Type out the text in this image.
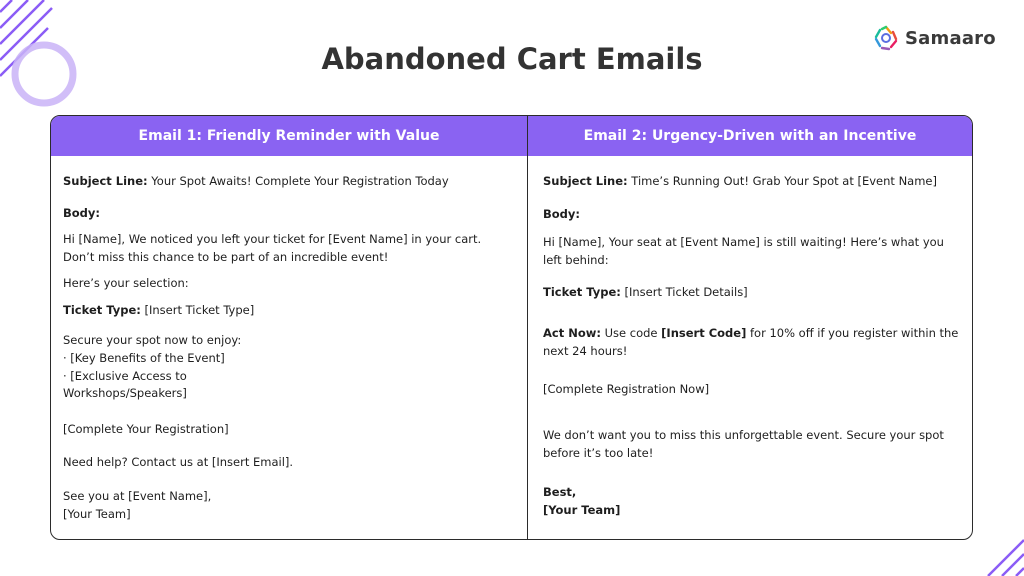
Samaaro
Abandoned Cart Emails
Email 1: Friendly Reminder with Value
Subject Line: Your Spot Awaits! Complete Your Registration Today
Body:
Hi [Name], We noticed you left your ticket for [Event Name] in your cart.
Don’t miss this chance to be part of an incredible event!
Here’s your selection:
Ticket Type: [Insert Ticket Type]
Secure your spot now to enjoy:
· [Key Benefits of the Event]
· [Exclusive Access to
Workshops/Speakers]
[Complete Your Registration]
Need help? Contact us at [Insert Email].
See you at [Event Name],
[Your Team]
Email 2: Urgency-Driven with an Incentive
Subject Line: Time’s Running Out! Grab Your Spot at [Event Name]
Body:
Hi [Name], Your seat at [Event Name] is still waiting! Here’s what you
left behind:
Ticket Type: [Insert Ticket Details]
Act Now: Use code [Insert Code] for 10% off if you register within the
next 24 hours!
[Complete Registration Now]
We don’t want you to miss this unforgettable event. Secure your spot
before it’s too late!
Best,
[Your Team]
